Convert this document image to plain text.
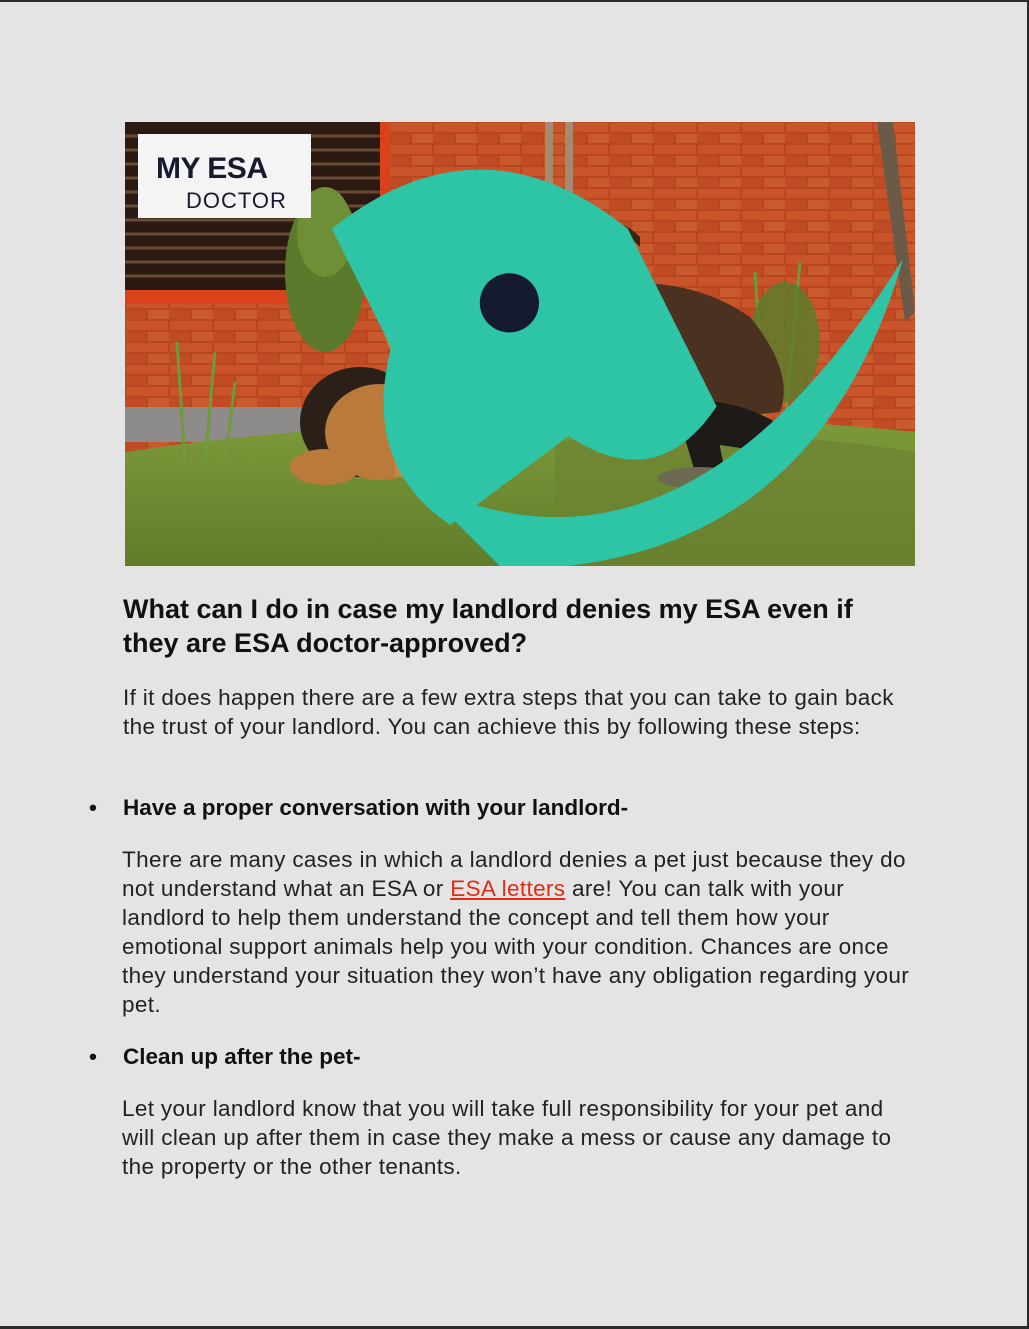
MY ESA
DOCTOR
What can I do in case my landlord denies my ESA even if they are ESA doctor-approved?

If it does happen there are a few extra steps that you can take to gain back the trust of your landlord. You can achieve this by following these steps:

• Have a proper conversation with your landlord-

There are many cases in which a landlord denies a pet just because they do not understand what an ESA or ESA letters are! You can talk with your landlord to help them understand the concept and tell them how your emotional support animals help you with your condition. Chances are once they understand your situation they won’t have any obligation regarding your pet.

• Clean up after the pet-

Let your landlord know that you will take full responsibility for your pet and will clean up after them in case they make a mess or cause any damage to the property or the other tenants.
